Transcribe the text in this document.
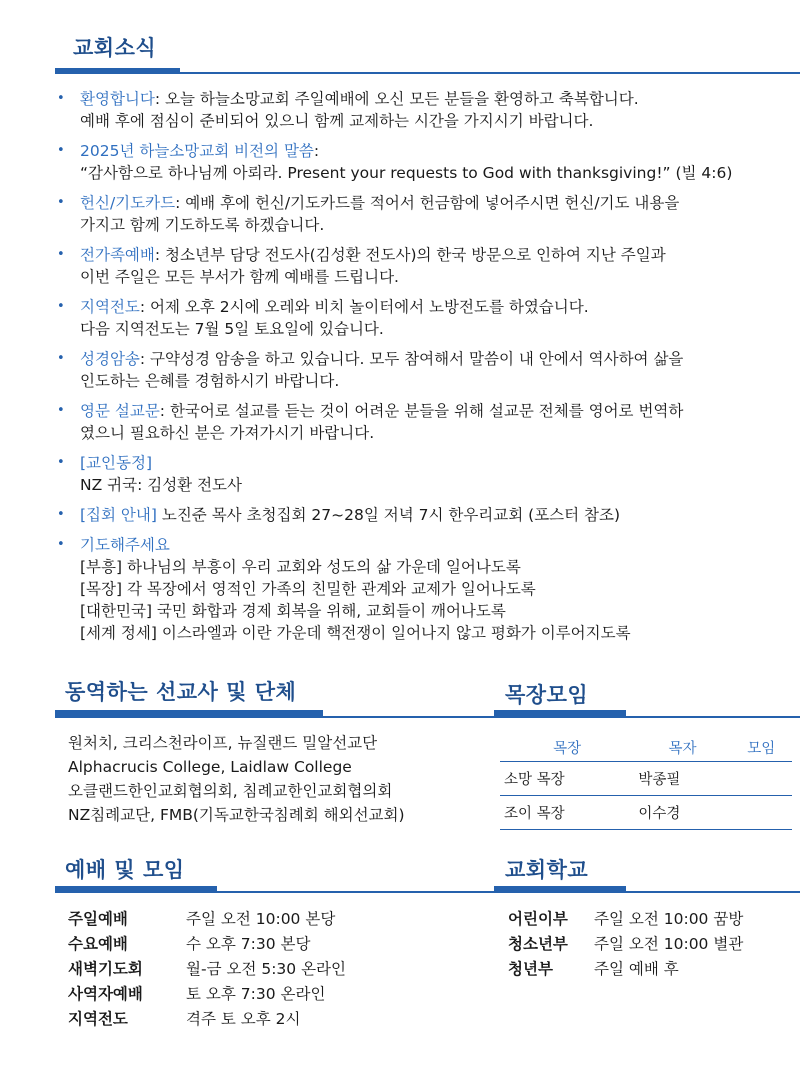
교회소식
• 환영합니다: 오늘 하늘소망교회 주일예배에 오신 모든 분들을 환영하고 축복합니다.
예배 후에 점심이 준비되어 있으니 함께 교제하는 시간을 가지시기 바랍니다.
• 2025년 하늘소망교회 비전의 말씀:
“감사함으로 하나님께 아뢰라. Present your requests to God with thanksgiving!” (빌 4:6)
• 헌신/기도카드: 예배 후에 헌신/기도카드를 적어서 헌금함에 넣어주시면 헌신/기도 내용을
가지고 함께 기도하도록 하겠습니다.
• 전가족예배: 청소년부 담당 전도사(김성환 전도사)의 한국 방문으로 인하여 지난 주일과
이번 주일은 모든 부서가 함께 예배를 드립니다.
• 지역전도: 어제 오후 2시에 오레와 비치 놀이터에서 노방전도를 하였습니다.
다음 지역전도는 7월 5일 토요일에 있습니다.
• 성경암송: 구약성경 암송을 하고 있습니다. 모두 참여해서 말씀이 내 안에서 역사하여 삶을
인도하는 은혜를 경험하시기 바랍니다.
• 영문 설교문: 한국어로 설교를 듣는 것이 어려운 분들을 위해 설교문 전체를 영어로 번역하
였으니 필요하신 분은 가져가시기 바랍니다.
• [교인동정]
NZ 귀국: 김성환 전도사
• [집회 안내] 노진준 목사 초청집회 27~28일 저녁 7시 한우리교회 (포스터 참조)
• 기도해주세요
[부흥] 하나님의 부흥이 우리 교회와 성도의 삶 가운데 일어나도록
[목장] 각 목장에서 영적인 가족의 친밀한 관계와 교제가 일어나도록
[대한민국] 국민 화합과 경제 회복을 위해, 교회들이 깨어나도록
[세계 정세] 이스라엘과 이란 가운데 핵전쟁이 일어나지 않고 평화가 이루어지도록
동역하는 선교사 및 단체
원처치, 크리스천라이프, 뉴질랜드 밀알선교단
Alphacrucis College, Laidlaw College
오클랜드한인교회협의회, 침례교한인교회협의회
NZ침례교단, FMB(기독교한국침례회 해외선교회)
목장모임
목장	목자	모임
소망 목장	박종필	
조이 목장	이수경	
예배 및 모임
주일예배	주일 오전 10:00 본당
수요예배	수 오후 7:30 본당
새벽기도회	월-금 오전 5:30 온라인
사역자예배	토 오후 7:30 온라인
지역전도	격주 토 오후 2시
교회학교
어린이부	주일 오전 10:00 꿈방
청소년부	주일 오전 10:00 별관
청년부	주일 예배 후
